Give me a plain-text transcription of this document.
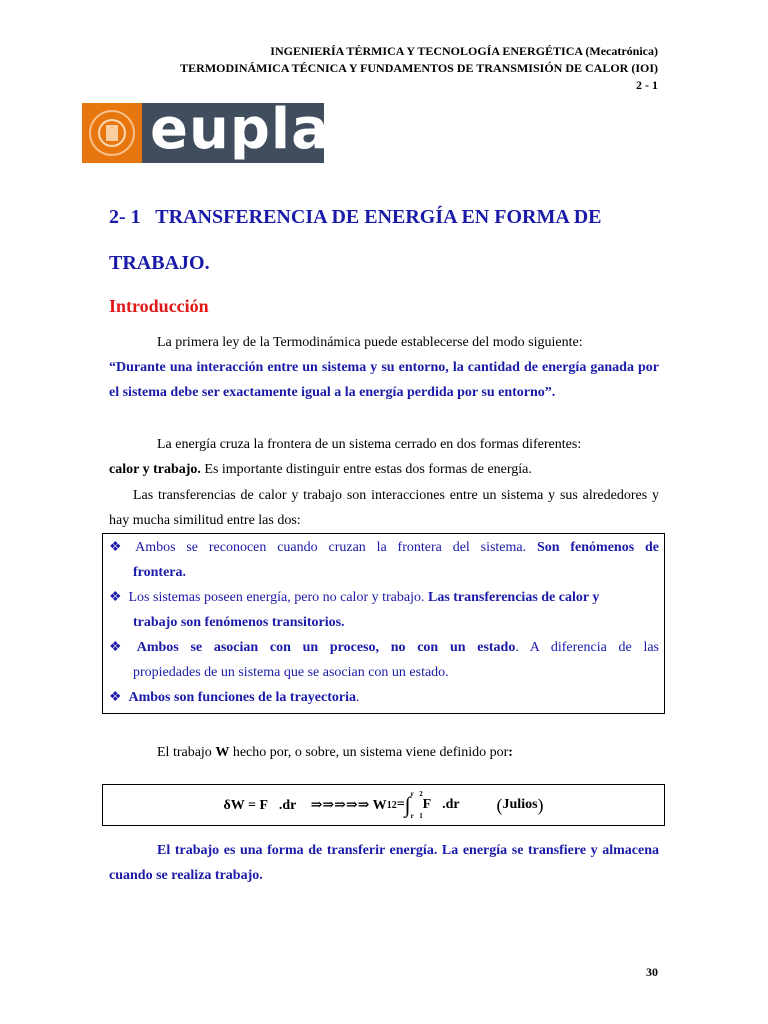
INGENIERÍA TÉRMICA Y TECNOLOGÍA ENERGÉTICA (Mecatrónica)
TERMODINÁMICA TÉCNICA Y FUNDAMENTOS DE TRANSMISIÓN DE CALOR (IOI)
2 - 1
eupla
2- 1   TRANSFERENCIA DE ENERGÍA EN FORMA DE
TRABAJO.
Introducción
La primera ley de la Termodinámica puede establecerse del modo siguiente:
“Durante una interacción entre un sistema y su entorno, la cantidad de energía ganada por el sistema debe ser exactamente igual a la energía perdida por su entorno”.
La energía cruza la frontera de un sistema cerrado en dos formas diferentes:
calor y trabajo. Es importante distinguir entre estas dos formas de energía.
Las transferencias de calor y trabajo son interacciones entre un sistema y sus alrededores y hay mucha similitud entre las dos:
❖ Ambos se reconocen cuando cruzan la frontera del sistema. Son fenómenos de
frontera.
❖ Los sistemas poseen energía, pero no calor y trabajo. Las transferencias de calor y
trabajo son fenómenos transitorios.
❖ Ambos se asocian con un proceso, no con un estado. A diferencia de las
propiedades de un sistema que se asocian con un estado.
❖ Ambos son funciones de la trayectoria.
El trabajo W hecho por, o sobre, un sistema viene definido por:
δW = F⃗.dr⃗ ⇒⇒⇒⇒⇒ W 12 = ∫ r⃗2
r⃗1
F⃗.dr⃗ ( Julios )
El trabajo es una forma de transferir energía. La energía se transfiere y almacena cuando se realiza trabajo.
30
